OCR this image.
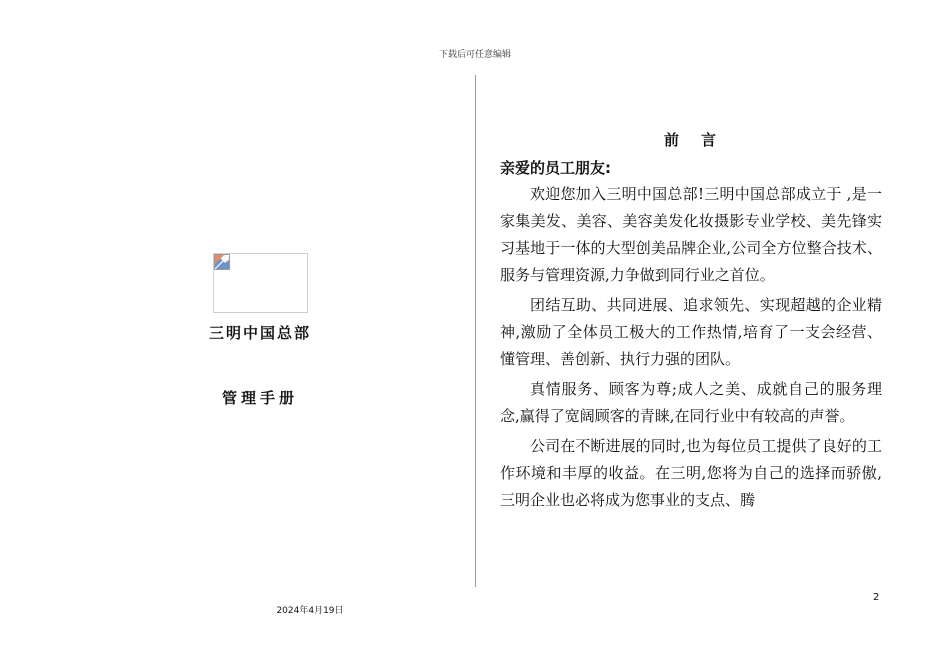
下载后可任意编辑
三明中国总部
管理手册
2024年4月19日
前言
亲爱的员工朋友:

欢迎您加入三明中国总部!三明中国总部成立于 ,是一家集美发、美容、美容美发化妆摄影专业学校、美先锋实习基地于一体的大型创美品牌企业,公司全方位整合技术、服务与管理资源,力争做到同行业之首位。

团结互助、共同进展、追求领先、实现超越的企业精神,激励了全体员工极大的工作热情,培育了一支会经营、懂管理、善创新、执行力强的团队。

真情服务、顾客为尊;成人之美、成就自己的服务理念,赢得了宽阔顾客的青睐,在同行业中有较高的声誉。

公司在不断进展的同时,也为每位员工提供了良好的工作环境和丰厚的收益。在三明,您将为自己的选择而骄傲,三明企业也必将成为您事业的支点、腾

2
